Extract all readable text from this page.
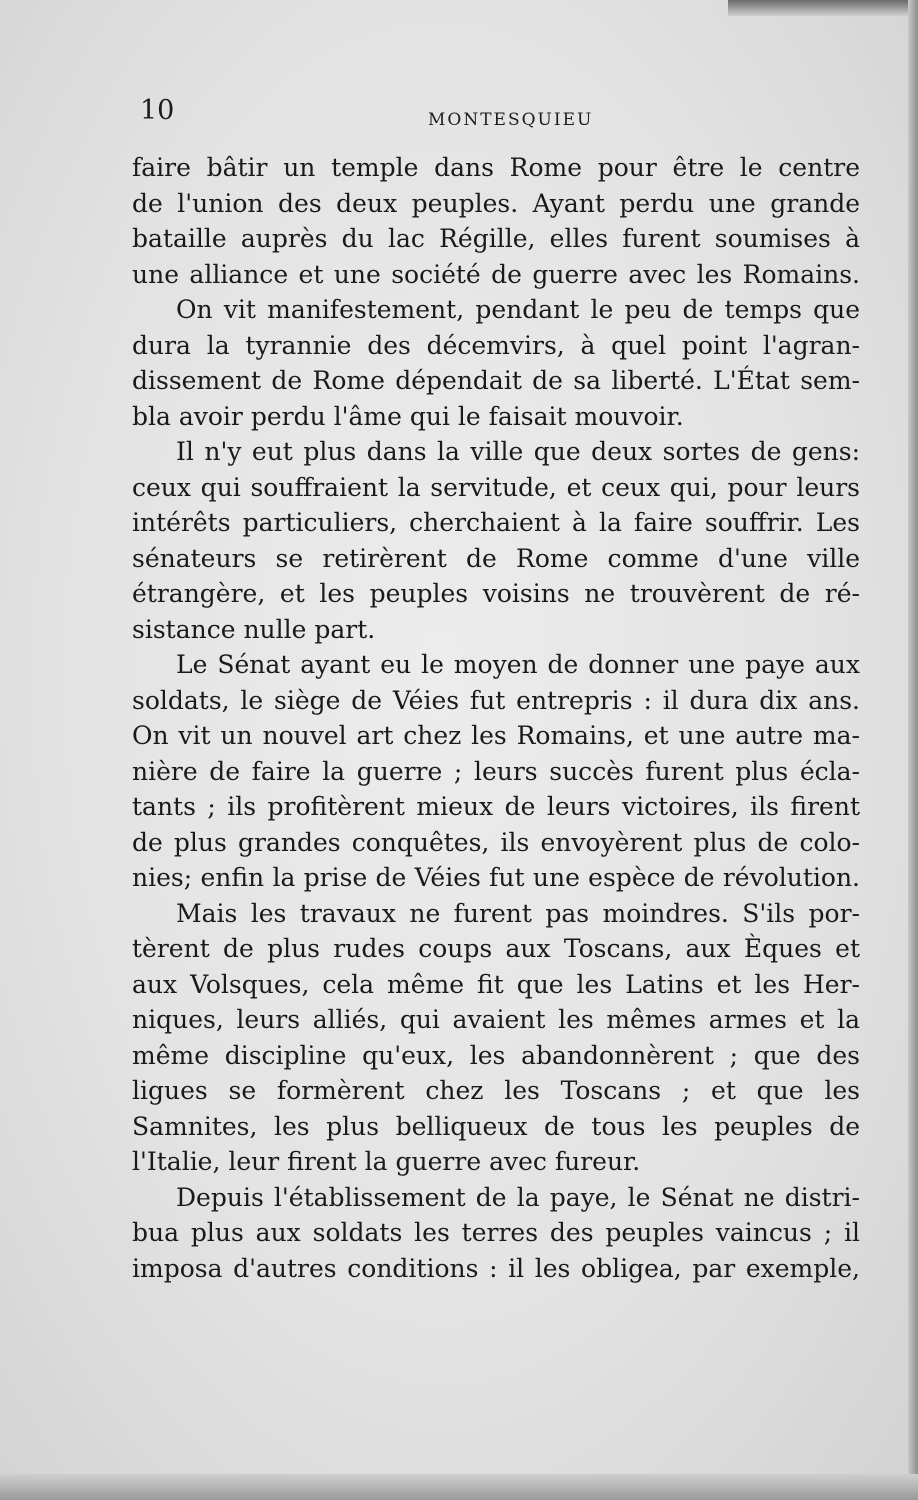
10	MONTESQUIEU
faire bâtir un temple dans Rome pour être le centre
de l'union des deux peuples. Ayant perdu une grande
bataille auprès du lac Régille, elles furent soumises à
une alliance et une société de guerre avec les Romains.
On vit manifestement, pendant le peu de temps que
dura la tyrannie des décemvirs, à quel point l'agran-
dissement de Rome dépendait de sa liberté. L'État sem-
bla avoir perdu l'âme qui le faisait mouvoir.
Il n'y eut plus dans la ville que deux sortes de gens:
ceux qui souffraient la servitude, et ceux qui, pour leurs
intérêts particuliers, cherchaient à la faire souffrir. Les
sénateurs se retirèrent de Rome comme d'une ville
étrangère, et les peuples voisins ne trouvèrent de ré-
sistance nulle part.
Le Sénat ayant eu le moyen de donner une paye aux
soldats, le siège de Véies fut entrepris : il dura dix ans.
On vit un nouvel art chez les Romains, et une autre ma-
nière de faire la guerre ; leurs succès furent plus écla-
tants ; ils profitèrent mieux de leurs victoires, ils firent
de plus grandes conquêtes, ils envoyèrent plus de colo-
nies; enfin la prise de Véies fut une espèce de révolution.
Mais les travaux ne furent pas moindres. S'ils por-
tèrent de plus rudes coups aux Toscans, aux Èques et
aux Volsques, cela même fit que les Latins et les Her-
niques, leurs alliés, qui avaient les mêmes armes et la
même discipline qu'eux, les abandonnèrent ; que des
ligues se formèrent chez les Toscans ; et que les
Samnites, les plus belliqueux de tous les peuples de
l'Italie, leur firent la guerre avec fureur.
Depuis l'établissement de la paye, le Sénat ne distri-
bua plus aux soldats les terres des peuples vaincus ; il
imposa d'autres conditions : il les obligea, par exemple,
